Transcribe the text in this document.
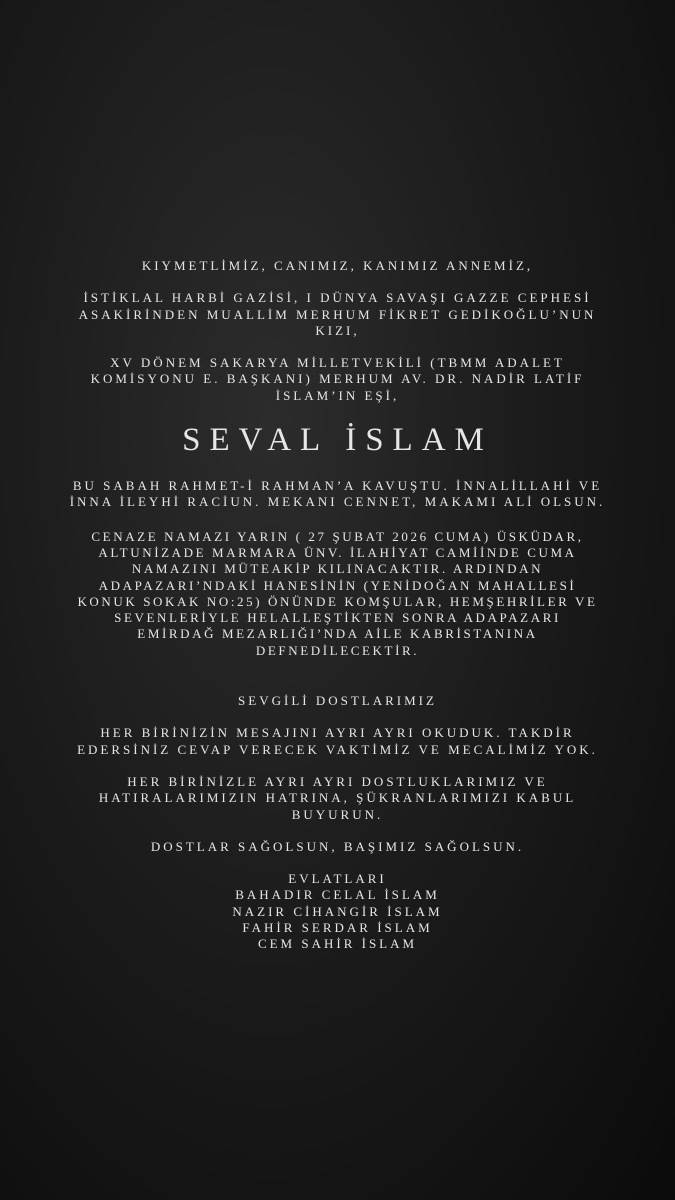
KIYMETLİMİZ, CANIMIZ, KANIMIZ ANNEMİZ,

İSTİKLAL HARBİ GAZİSİ, I DÜNYA SAVAŞI GAZZE CEPHESİ
ASAKİRİNDEN MUALLİM MERHUM FİKRET GEDİKOĞLU’NUN
KIZI,

XV DÖNEM SAKARYA MİLLETVEKİLİ (TBMM ADALET
KOMİSYONU E. BAŞKANI) MERHUM AV. DR. NADİR LATİF
İSLAM’IN EŞİ,

SEVAL İSLAM

BU SABAH RAHMET-İ RAHMAN’A KAVUŞTU. İNNALİLLAHİ VE
İNNA İLEYHİ RACİUN. MEKANI CENNET, MAKAMI ALİ OLSUN.

CENAZE NAMAZI YARIN ( 27 ŞUBAT 2026 CUMA) ÜSKÜDAR,
ALTUNİZADE MARMARA ÜNV. İLAHİYAT CAMİİNDE CUMA
NAMAZINI MÜTEAKİP KILINACAKTIR. ARDINDAN
ADAPAZARI’NDAKİ HANESİNİN (YENİDOĞAN MAHALLESİ
KONUK SOKAK NO:25) ÖNÜNDE KOMŞULAR, HEMŞEHRİLER VE
SEVENLERİYLE HELALLEŞTİKTEN SONRA ADAPAZARI
EMİRDAĞ MEZARLIĞI’NDA AİLE KABRİSTANINA
DEFNEDİLECEKTİR.

SEVGİLİ DOSTLARIMIZ

HER BİRİNİZİN MESAJINI AYRI AYRI OKUDUK. TAKDİR
EDERSİNİZ CEVAP VERECEK VAKTİMİZ VE MECALİMİZ YOK.

HER BİRİNİZLE AYRI AYRI DOSTLUKLARIMIZ VE
HATIRALARIMIZIN HATRINA, ŞÜKRANLARIMIZI KABUL
BUYURUN.

DOSTLAR SAĞOLSUN, BAŞIMIZ SAĞOLSUN.

EVLATLARI
BAHADIR CELAL İSLAM
NAZIR CİHANGİR İSLAM
FAHİR SERDAR İSLAM
CEM SAHİR İSLAM
